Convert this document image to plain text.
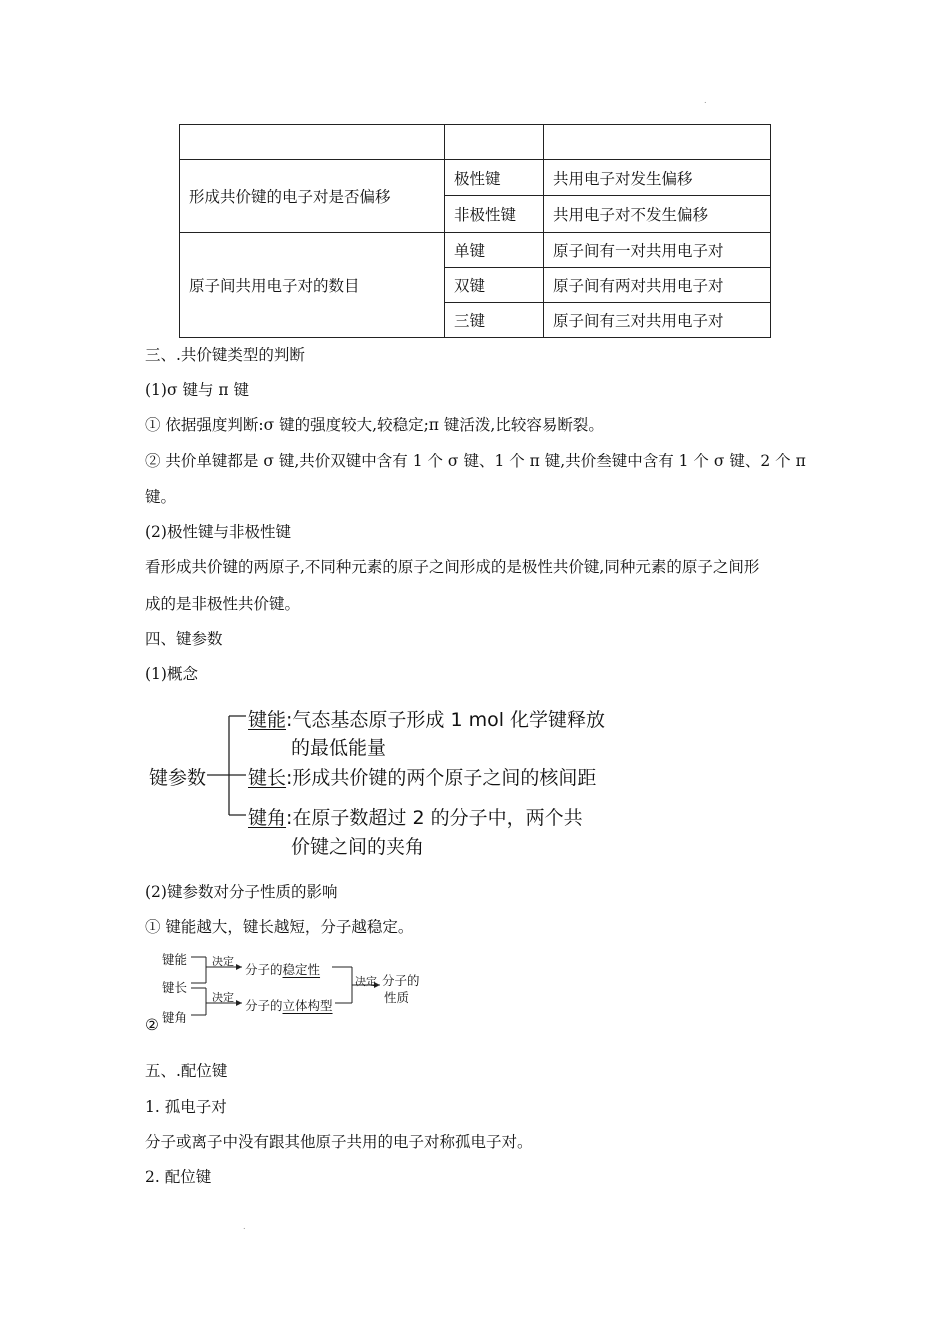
.

形成共价键的电子对是否偏移	极性键	共用电子对发生偏移
	非极性键	共用电子对不发生偏移
原子间共用电子对的数目	单键	原子间有一对共用电子对
	双键	原子间有两对共用电子对
	三键	原子间有三对共用电子对
三、.共价键类型的判断
(1)σ 键与 π 键
① 依据强度判断:σ 键的强度较大,较稳定;π 键活泼,比较容易断裂。
② 共价单键都是 σ 键,共价双键中含有 1 个 σ 键、1 个 π 键,共价叁键中含有 1 个 σ 键、2 个 π
键。
(2)极性键与非极性键
看形成共价键的两原子,不同种元素的原子之间形成的是极性共价键,同种元素的原子之间形
成的是非极性共价键。
四、键参数
(1)概念
键参数
键能:气态基态原子形成 1 mol 化学键释放
的最低能量
键长:形成共价键的两个原子之间的核间距
键角:在原子数超过 2 的分子中，两个共
价键之间的夹角
(2)键参数对分子性质的影响
① 键能越大，键长越短，分子越稳定。
键能
键长
键角
决定
决定
分子的稳定性
分子的立体构型
决定 分子的
性质
②
五、.配位键
1. 孤电子对
分子或离子中没有跟其他原子共用的电子对称孤电子对。
2. 配位键
.
